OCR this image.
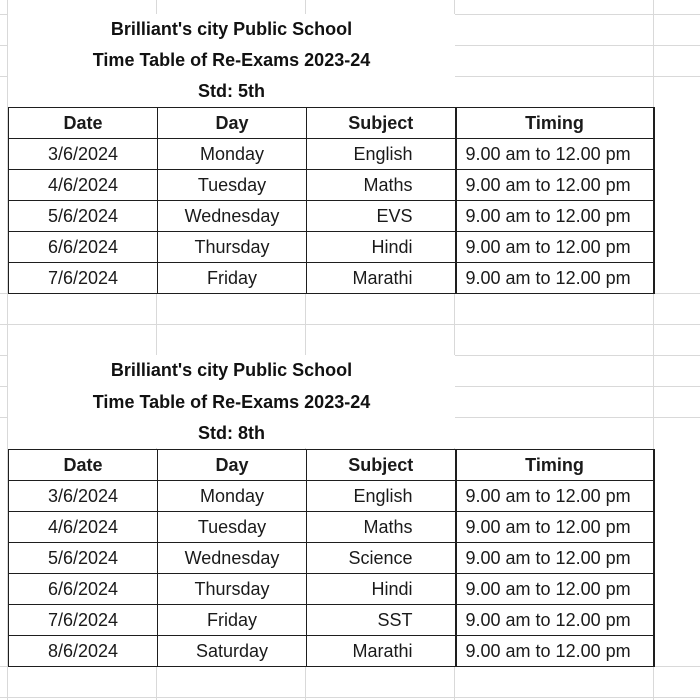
Brilliant's city Public School
Time Table of Re-Exams 2023-24
Std: 5th
Date	Day	Subject	Timing
3/6/2024	Monday	English	9.00 am to 12.00 pm
4/6/2024	Tuesday	Maths	9.00 am to 12.00 pm
5/6/2024	Wednesday	EVS	9.00 am to 12.00 pm
6/6/2024	Thursday	Hindi	9.00 am to 12.00 pm
7/6/2024	Friday	Marathi	9.00 am to 12.00 pm
Brilliant's city Public School
Time Table of Re-Exams 2023-24
Std: 8th
Date	Day	Subject	Timing
3/6/2024	Monday	English	9.00 am to 12.00 pm
4/6/2024	Tuesday	Maths	9.00 am to 12.00 pm
5/6/2024	Wednesday	Science	9.00 am to 12.00 pm
6/6/2024	Thursday	Hindi	9.00 am to 12.00 pm
7/6/2024	Friday	SST	9.00 am to 12.00 pm
8/6/2024	Saturday	Marathi	9.00 am to 12.00 pm
